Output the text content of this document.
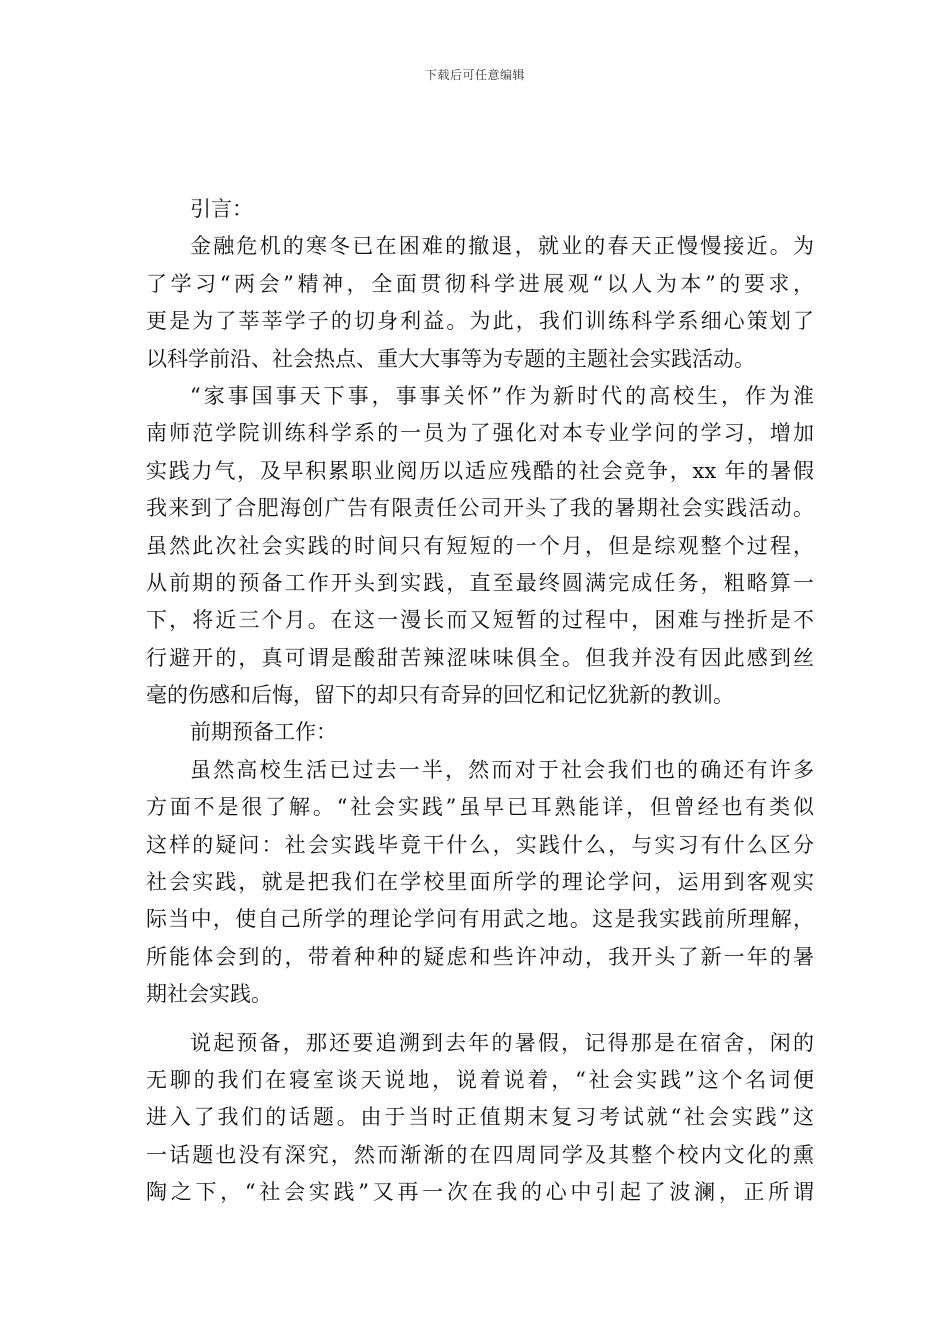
下载后可任意编辑
引言：
金融危机的寒冬已在困难的撤退，就业的春天正慢慢接近。为
了学习“两会”精神，全面贯彻科学进展观“以人为本”的要求，
更是为了莘莘学子的切身利益。为此，我们训练科学系细心策划了
以科学前沿、社会热点、重大大事等为专题的主题社会实践活动。
“家事国事天下事，事事关怀”作为新时代的高校生，作为淮
南师范学院训练科学系的一员为了强化对本专业学问的学习，增加
实践力气，及早积累职业阅历以适应残酷的社会竞争，xx 年的暑假
我来到了合肥海创广告有限责任公司开头了我的暑期社会实践活动。
虽然此次社会实践的时间只有短短的一个月，但是综观整个过程，
从前期的预备工作开头到实践，直至最终圆满完成任务，粗略算一
下，将近三个月。在这一漫长而又短暂的过程中，困难与挫折是不
行避开的，真可谓是酸甜苦辣涩味味俱全。但我并没有因此感到丝
毫的伤感和后悔，留下的却只有奇异的回忆和记忆犹新的教训。
前期预备工作：
虽然高校生活已过去一半，然而对于社会我们也的确还有许多
方面不是很了解。“社会实践”虽早已耳熟能详，但曾经也有类似
这样的疑问：社会实践毕竟干什么，实践什么，与实习有什么区分
社会实践，就是把我们在学校里面所学的理论学问，运用到客观实
际当中，使自己所学的理论学问有用武之地。这是我实践前所理解，
所能体会到的，带着种种的疑虑和些许冲动，我开头了新一年的暑
期社会实践。
说起预备，那还要追溯到去年的暑假，记得那是在宿舍，闲的
无聊的我们在寝室谈天说地，说着说着，“社会实践”这个名词便
进入了我们的话题。由于当时正值期末复习考试就“社会实践”这
一话题也没有深究，然而渐渐的在四周同学及其整个校内文化的熏
陶之下，“社会实践”又再一次在我的心中引起了波澜，正所谓
